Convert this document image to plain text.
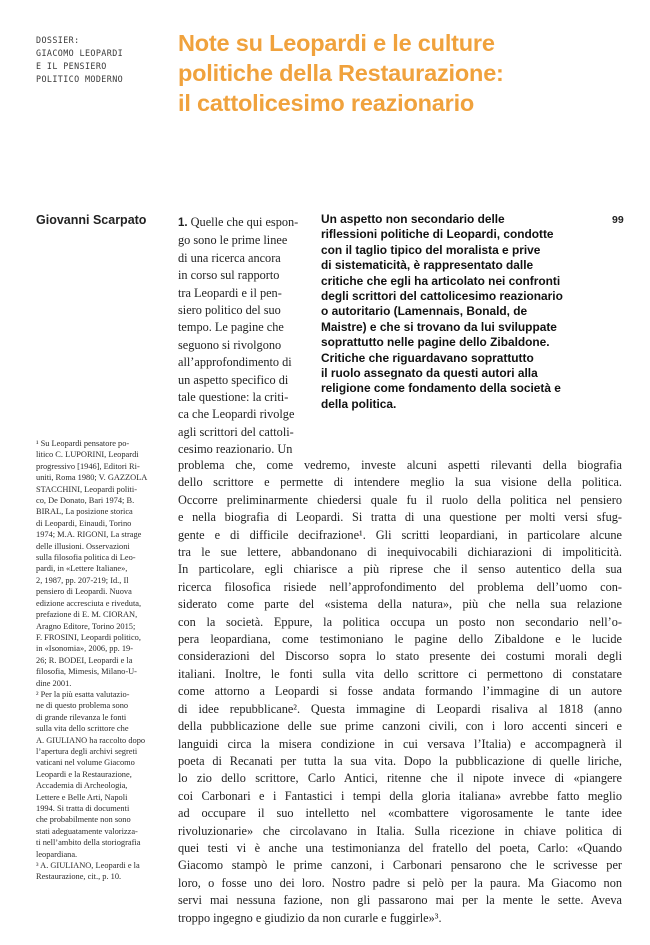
DOSSIER:
GIACOMO LEOPARDI
E IL PENSIERO
POLITICO MODERNO
Note su Leopardi e le culture
politiche della Restaurazione:
il cattolicesimo reazionario
Giovanni Scarpato	99
1. Quelle che qui espon-
go sono le prime linee
di una ricerca ancora
in corso sul rapporto
tra Leopardi e il pen-
siero politico del suo
tempo. Le pagine che
seguono si rivolgono
all’approfondimento di
un aspetto specifico di
tale questione: la criti-
ca che Leopardi rivolge
agli scrittori del cattoli-
cesimo reazionario. Un
Un aspetto non secondario delle
riflessioni politiche di Leopardi, condotte
con il taglio tipico del moralista e prive
di sistematicità, è rappresentato dalle
critiche che egli ha articolato nei confronti
degli scrittori del cattolicesimo reazionario
o autoritario (Lamennais, Bonald, de
Maistre) e che si trovano da lui sviluppate
soprattutto nelle pagine dello Zibaldone.
Critiche che riguardavano soprattutto
il ruolo assegnato da questi autori alla
religione come fondamento della società e
della politica.
problema che, come vedremo, investe alcuni aspetti rilevanti della biografia
dello scrittore e permette di intendere meglio la sua visione della politica.
Occorre preliminarmente chiedersi quale fu il ruolo della politica nel pensiero
e nella biografia di Leopardi. Si tratta di una questione per molti versi sfug-
gente e di difficile decifrazione¹. Gli scritti leopardiani, in particolare alcune
tra le sue lettere, abbandonano di inequivocabili dichiarazioni di impoliticità.
In particolare, egli chiarisce a più riprese che il senso autentico della sua
ricerca filosofica risiede nell’approfondimento del problema dell’uomo con-
siderato come parte del «sistema della natura», più che nella sua relazione
con la società. Eppure, la politica occupa un posto non secondario nell’o-
pera leopardiana, come testimoniano le pagine dello Zibaldone e le lucide
considerazioni del Discorso sopra lo stato presente dei costumi morali degli
italiani. Inoltre, le fonti sulla vita dello scrittore ci permettono di constatare
come attorno a Leopardi si fosse andata formando l’immagine di un autore
di idee repubblicane². Questa immagine di Leopardi risaliva al 1818 (anno
della pubblicazione delle sue prime canzoni civili, con i loro accenti sinceri e
languidi circa la misera condizione in cui versava l’Italia) e accompagnerà il
poeta di Recanati per tutta la sua vita. Dopo la pubblicazione di quelle liriche,
lo zio dello scrittore, Carlo Antici, ritenne che il nipote invece di «piangere
coi Carbonari e i Fantastici i tempi della gloria italiana» avrebbe fatto meglio
ad occupare il suo intelletto nel «combattere vigorosamente le tante idee
rivoluzionarie» che circolavano in Italia. Sulla ricezione in chiave politica di
quei testi vi è anche una testimonianza del fratello del poeta, Carlo: «Quando
Giacomo stampò le prime canzoni, i Carbonari pensarono che le scrivesse per
loro, o fosse uno dei loro. Nostro padre si pelò per la paura. Ma Giacomo non
servi mai nessuna fazione, non gli passarono mai per la mente le sette. Aveva
troppo ingegno e giudizio da non curarle e fuggirle»³.
¹ Su Leopardi pensatore po-
litico C. LUPORINI, Leopardi
progressivo [1946], Editori Ri-
uniti, Roma 1980; V. GAZZOLA
STACCHINI, Leopardi politi-
co, De Donato, Bari 1974; B.
BIRAL, La posizione storica
di Leopardi, Einaudi, Torino
1974; M.A. RIGONI, La strage
delle illusioni. Osservazioni
sulla filosofia politica di Leo-
pardi, in «Lettere Italiane»,
2, 1987, pp. 207-219; Id., Il
pensiero di Leopardi. Nuova
edizione accresciuta e riveduta,
prefazione di E. M. CIORAN,
Aragno Editore, Torino 2015;
F. FROSINI, Leopardi politico,
in «Isonomia», 2006, pp. 19-
26; R. BODEI, Leopardi e la
filosofia, Mimesis, Milano-U-
dine 2001.
² Per la più esatta valutazio-
ne di questo problema sono
di grande rilevanza le fonti
sulla vita dello scrittore che
A. GIULIANO ha raccolto dopo
l’apertura degli archivi segreti
vaticani nel volume Giacomo
Leopardi e la Restaurazione,
Accademia di Archeologia,
Lettere e Belle Arti, Napoli
1994. Si tratta di documenti
che probabilmente non sono
stati adeguatamente valorizza-
ti nell’ambito della storiografia
leopardiana.
³ A. GIULIANO, Leopardi e la
Restaurazione, cit., p. 10.
